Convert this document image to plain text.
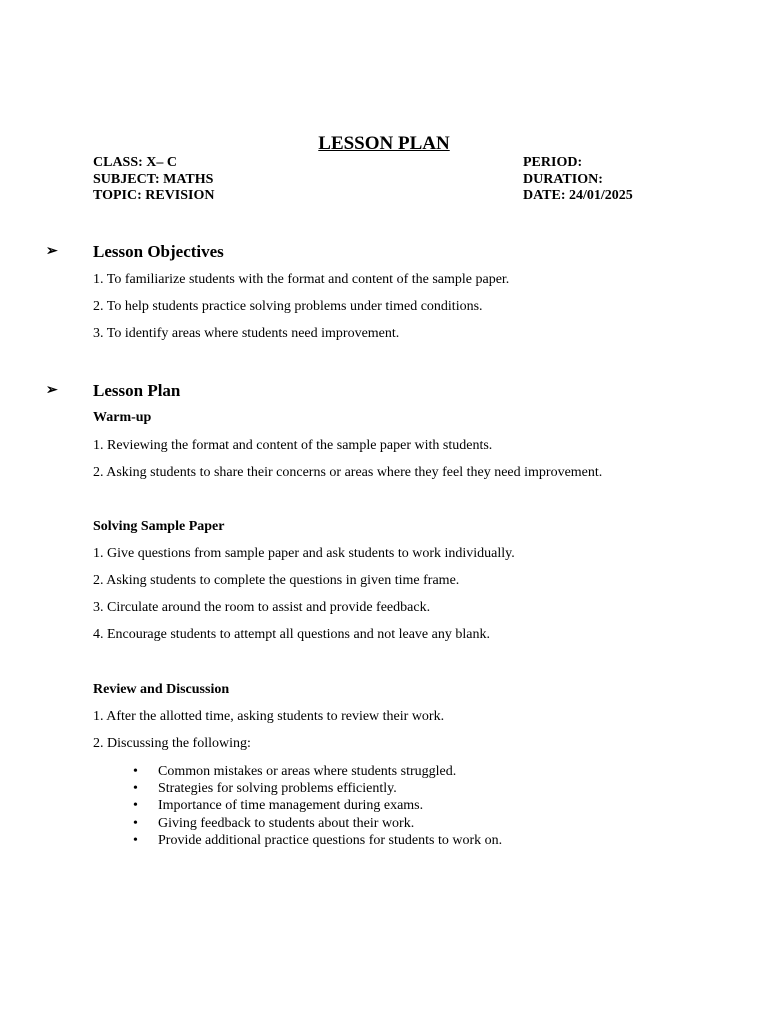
LESSON PLAN
CLASS: X– C
SUBJECT: MATHS
TOPIC: REVISION
PERIOD:
DURATION:
DATE: 24/01/2025
➢ Lesson Objectives
1. To familiarize students with the format and content of the sample paper.
2. To help students practice solving problems under timed conditions.
3. To identify areas where students need improvement.
➢ Lesson Plan
Warm-up
1. Reviewing the format and content of the sample paper with students.
2. Asking students to share their concerns or areas where they feel they need improvement.
Solving Sample Paper
1. Give questions from sample paper and ask students to work individually.
2. Asking students to complete the questions in given time frame.
3. Circulate around the room to assist and provide feedback.
4. Encourage students to attempt all questions and not leave any blank.
Review and Discussion
1. After the allotted time, asking students to review their work.
2. Discussing the following:
• Common mistakes or areas where students struggled.
• Strategies for solving problems efficiently.
• Importance of time management during exams.
• Giving feedback to students about their work.
• Provide additional practice questions for students to work on.
